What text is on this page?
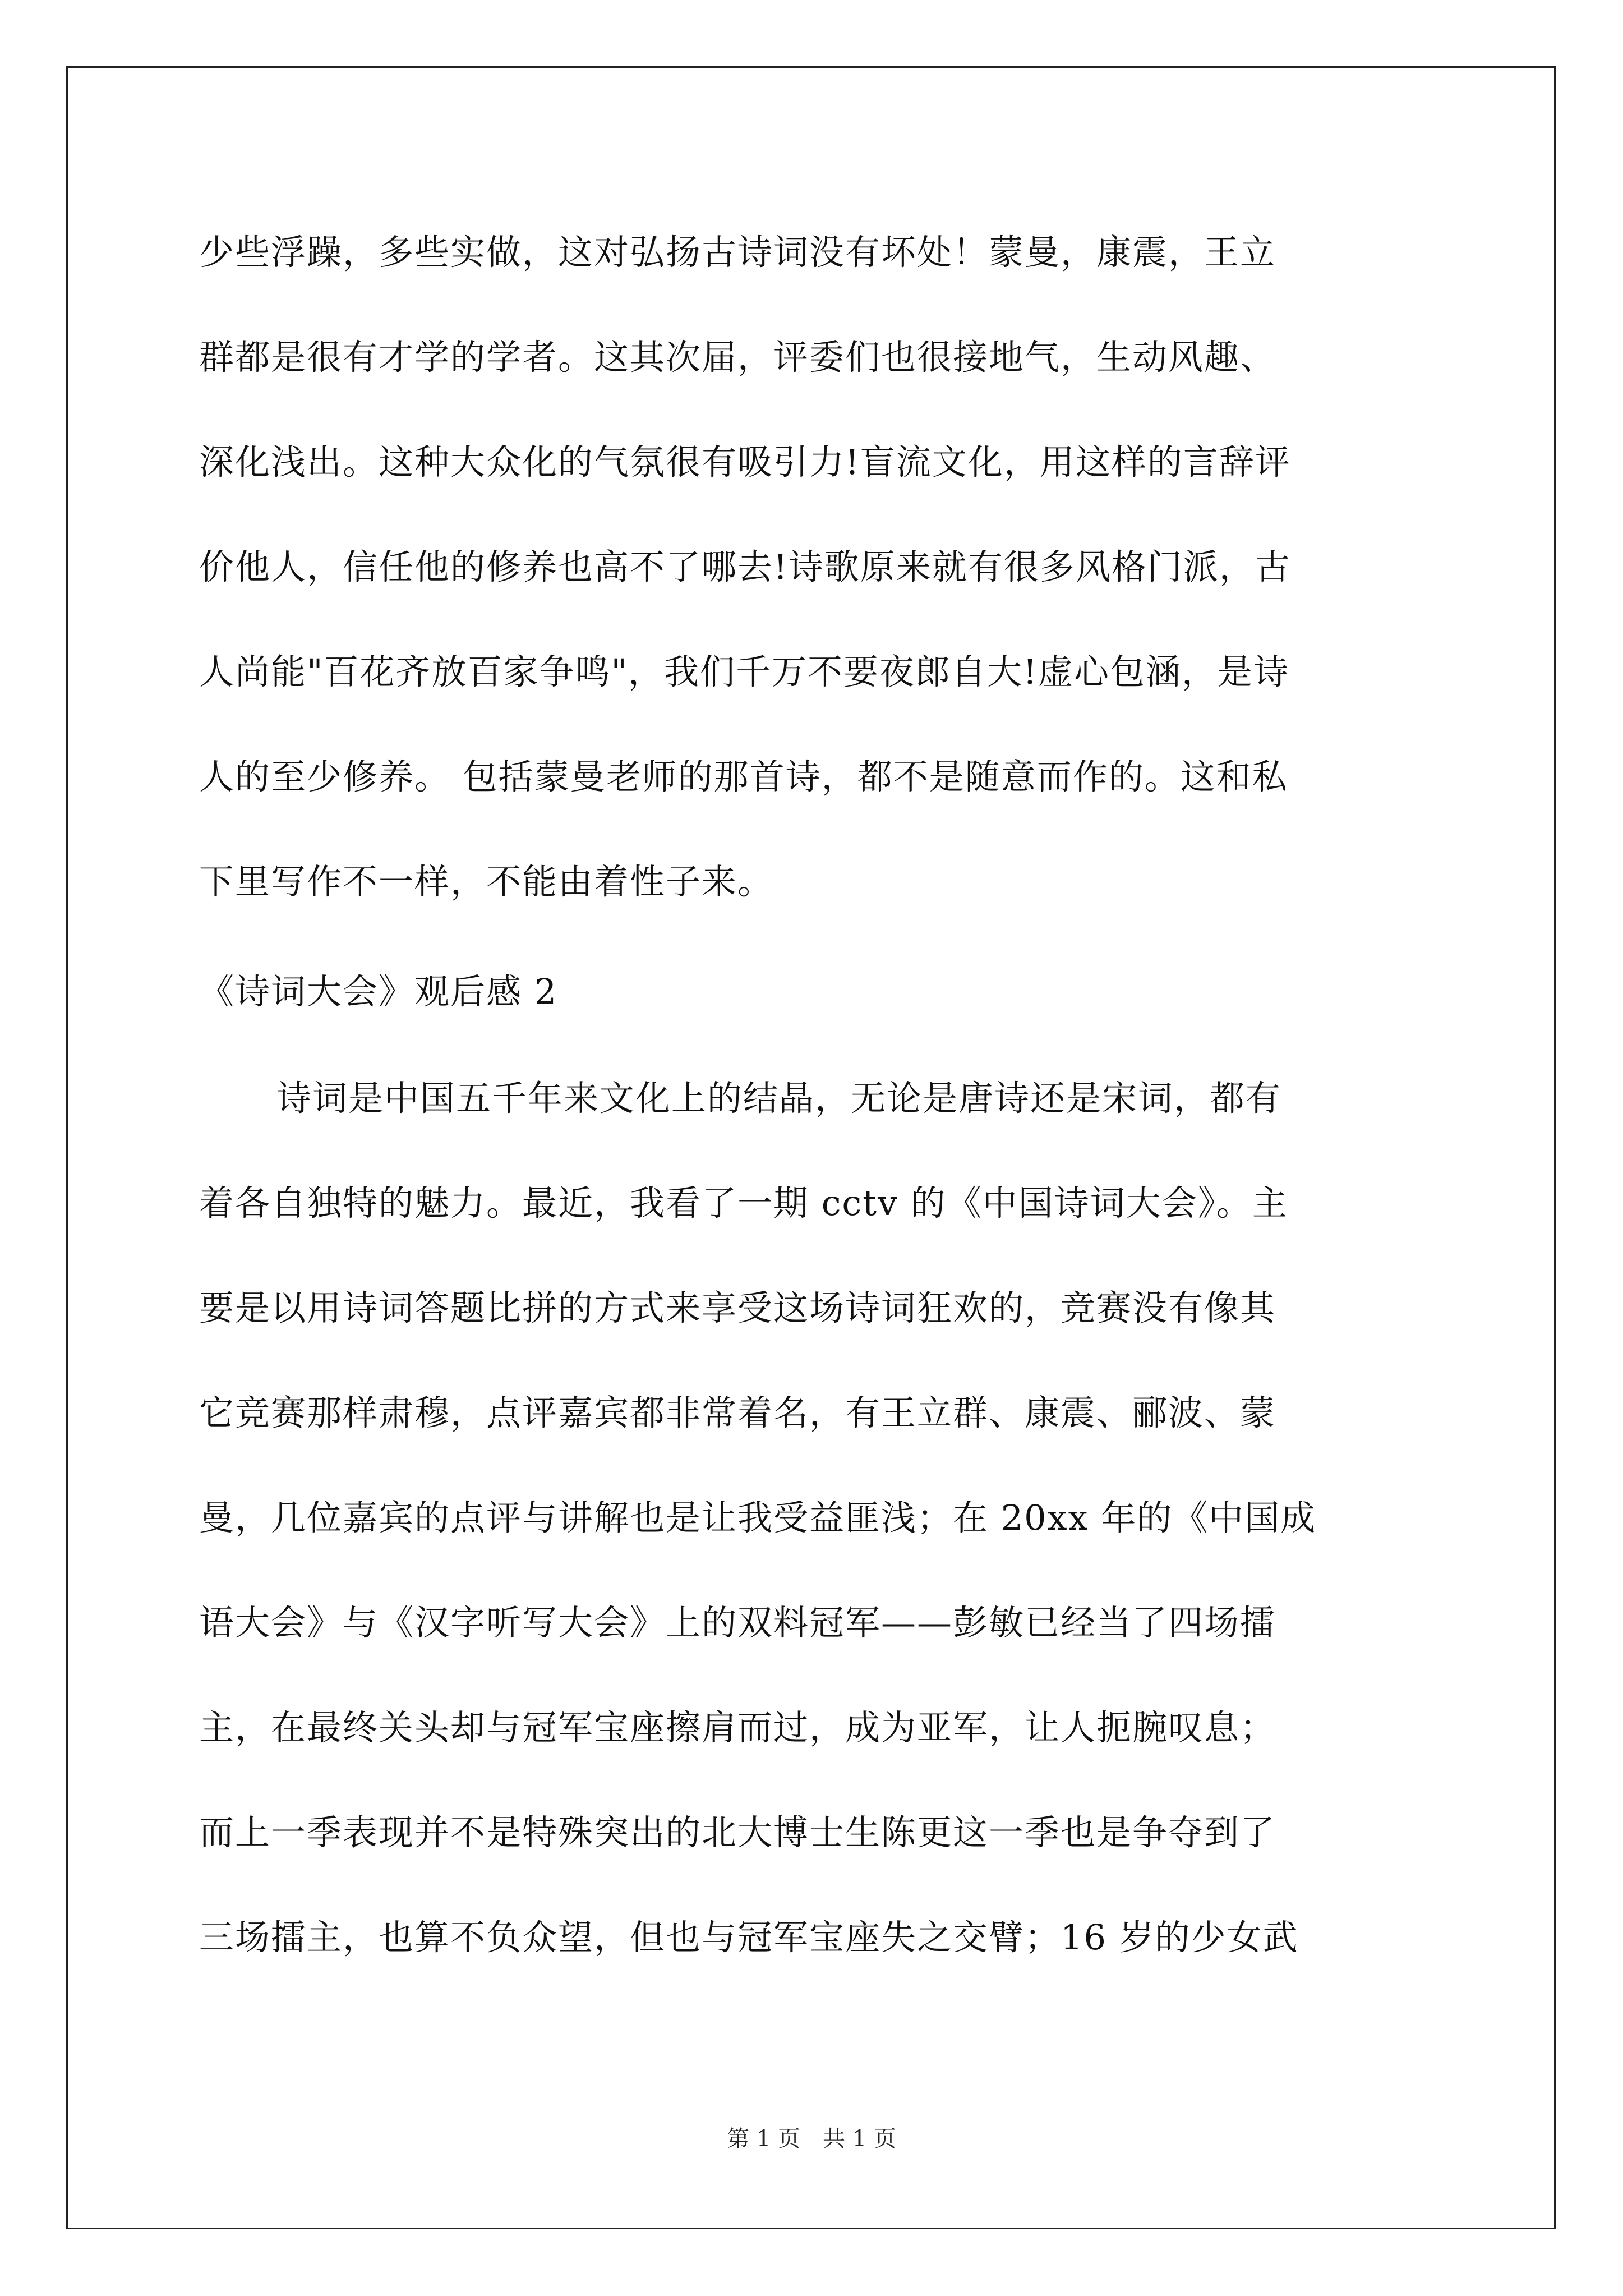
少些浮躁，多些实做，这对弘扬古诗词没有坏处！蒙曼，康震，王立
群都是很有才学的学者。这其次届，评委们也很接地气，生动风趣、
深化浅出。这种大众化的气氛很有吸引力!盲流文化，用这样的言辞评
价他人，信任他的修养也高不了哪去!诗歌原来就有很多风格门派，古
人尚能"百花齐放百家争鸣"，我们千万不要夜郎自大!虚心包涵，是诗
人的至少修养。 包括蒙曼老师的那首诗，都不是随意而作的。这和私
下里写作不一样，不能由着性子来。
《诗词大会》观后感 2
诗词是中国五千年来文化上的结晶，无论是唐诗还是宋词，都有
着各自独特的魅力。最近，我看了一期 cctv 的《中国诗词大会》。主
要是以用诗词答题比拼的方式来享受这场诗词狂欢的，竞赛没有像其
它竞赛那样肃穆，点评嘉宾都非常着名，有王立群、康震、郦波、蒙
曼，几位嘉宾的点评与讲解也是让我受益匪浅；在 20xx 年的《中国成
语大会》与《汉字听写大会》上的双料冠军——彭敏已经当了四场擂
主，在最终关头却与冠军宝座擦肩而过，成为亚军，让人扼腕叹息；
而上一季表现并不是特殊突出的北大博士生陈更这一季也是争夺到了
三场擂主，也算不负众望，但也与冠军宝座失之交臂；16 岁的少女武
第 1 页　共 1 页
